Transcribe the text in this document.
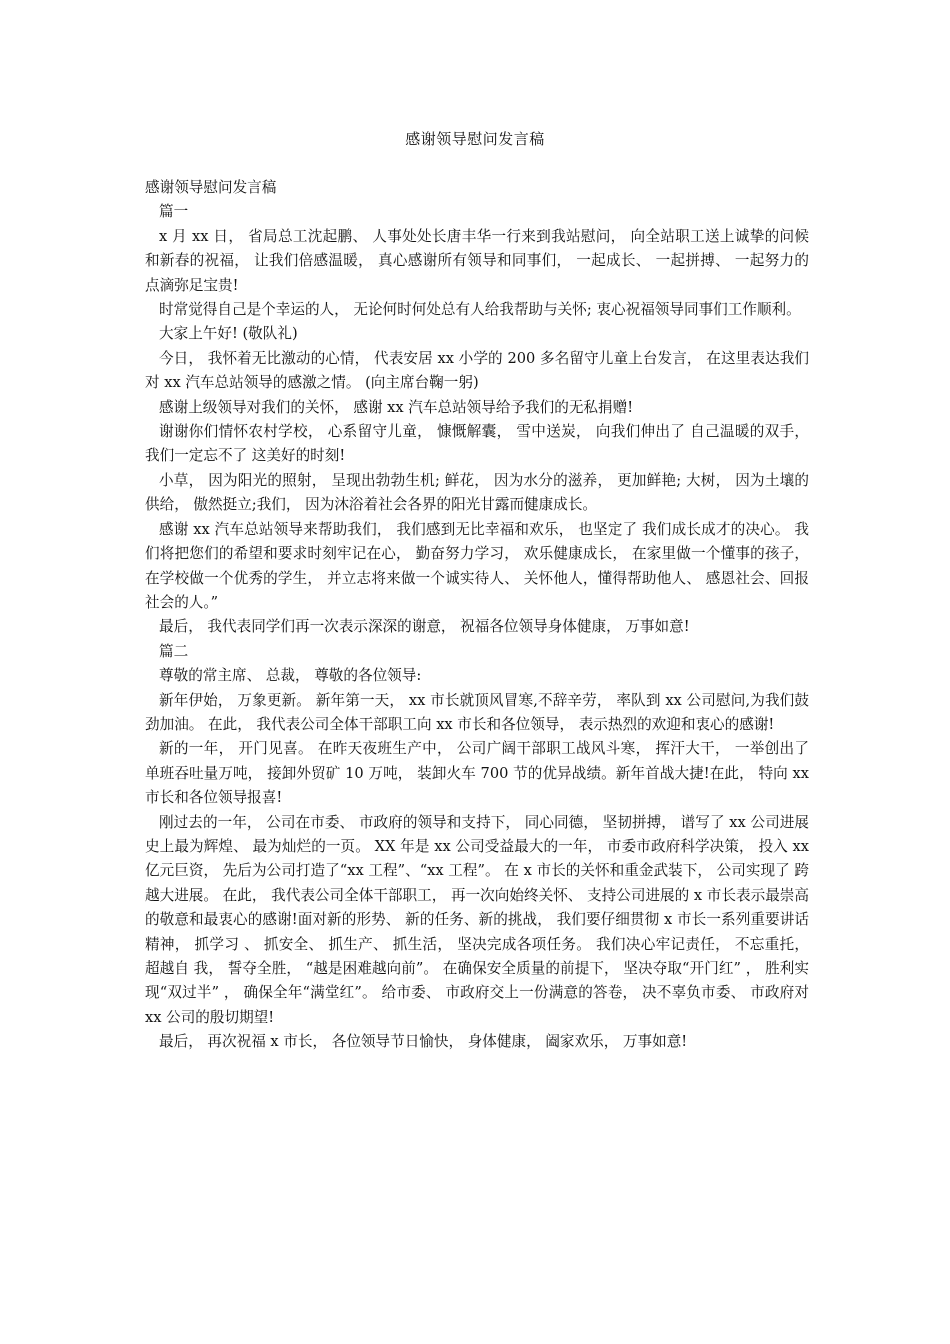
感谢领导慰问发言稿

感谢领导慰问发言稿

篇一

x 月 xx 日， 省局总工沈起鹏、 人事处处长唐丰华一行来到我站慰问， 向全站职工送上诚挚的问候和新春的祝福， 让我们倍感温暖， 真心感谢所有领导和同事们， 一起成长、 一起拼搏、 一起努力的点滴弥足宝贵!

时常觉得自己是个幸运的人， 无论何时何处总有人给我帮助与关怀; 衷心祝福领导同事们工作顺利。

大家上午好! (敬队礼)

今日， 我怀着无比激动的心情， 代表安居 xx 小学的 200 多名留守儿童上台发言， 在这里表达我们对 xx 汽车总站领导的感激之情。 (向主席台鞠一躬)

感谢上级领导对我们的关怀， 感谢 xx 汽车总站领导给予我们的无私捐赠!

谢谢你们情怀农村学校， 心系留守儿童， 慷慨解囊， 雪中送炭， 向我们伸出了 自己温暖的双手， 我们一定忘不了 这美好的时刻!

小草， 因为阳光的照射， 呈现出勃勃生机; 鲜花， 因为水分的滋养， 更加鲜艳; 大树， 因为土壤的供给， 傲然挺立;我们， 因为沐浴着社会各界的阳光甘露而健康成长。

感谢 xx 汽车总站领导来帮助我们， 我们感到无比幸福和欢乐， 也坚定了 我们成长成才的决心。 我们将把您们的希望和要求时刻牢记在心， 勤奋努力学习， 欢乐健康成长， 在家里做一个懂事的孩子， 在学校做一个优秀的学生， 并立志将来做一个诚实待人、 关怀他人，懂得帮助他人、 感恩社会、回报社会的人。”

最后， 我代表同学们再一次表示深深的谢意， 祝福各位领导身体健康， 万事如意!

篇二

尊敬的常主席、 总裁， 尊敬的各位领导:

新年伊始， 万象更新。 新年第一天， xx 市长就顶风冒寒,不辞辛劳， 率队到 xx 公司慰问,为我们鼓劲加油。 在此， 我代表公司全体干部职工向 xx 市长和各位领导， 表示热烈的欢迎和衷心的感谢!

新的一年， 开门见喜。 在昨天夜班生产中， 公司广阔干部职工战风斗寒， 挥汗大干， 一举创出了 单班吞吐量万吨， 接卸外贸矿 10 万吨， 装卸火车 700 节的优异战绩。新年首战大捷!在此， 特向 xx 市长和各位领导报喜!

刚过去的一年， 公司在市委、 市政府的领导和支持下， 同心同德， 坚韧拼搏， 谱写了 xx 公司进展史上最为辉煌、 最为灿烂的一页。 XX 年是 xx 公司受益最大的一年， 市委市政府科学决策， 投入 xx 亿元巨资， 先后为公司打造了“xx 工程”、“xx 工程”。 在 x 市长的关怀和重金武装下， 公司实现了 跨越大进展。 在此， 我代表公司全体干部职工， 再一次向始终关怀、 支持公司进展的 x 市长表示最崇高的敬意和最衷心的感谢!面对新的形势、 新的任务、新的挑战， 我们要仔细贯彻 x 市长一系列重要讲话精神， 抓学习 、 抓安全、 抓生产、 抓生活， 坚决完成各项任务。 我们决心牢记责任， 不忘重托， 超越自 我， 誓夺全胜， “越是困难越向前”。 在确保安全质量的前提下， 坚决夺取“开门红” ， 胜利实现“双过半” ， 确保全年“满堂红”。 给市委、 市政府交上一份满意的答卷， 决不辜负市委、 市政府对 xx 公司的殷切期望!

最后， 再次祝福 x 市长， 各位领导节日愉快， 身体健康， 阖家欢乐， 万事如意!
